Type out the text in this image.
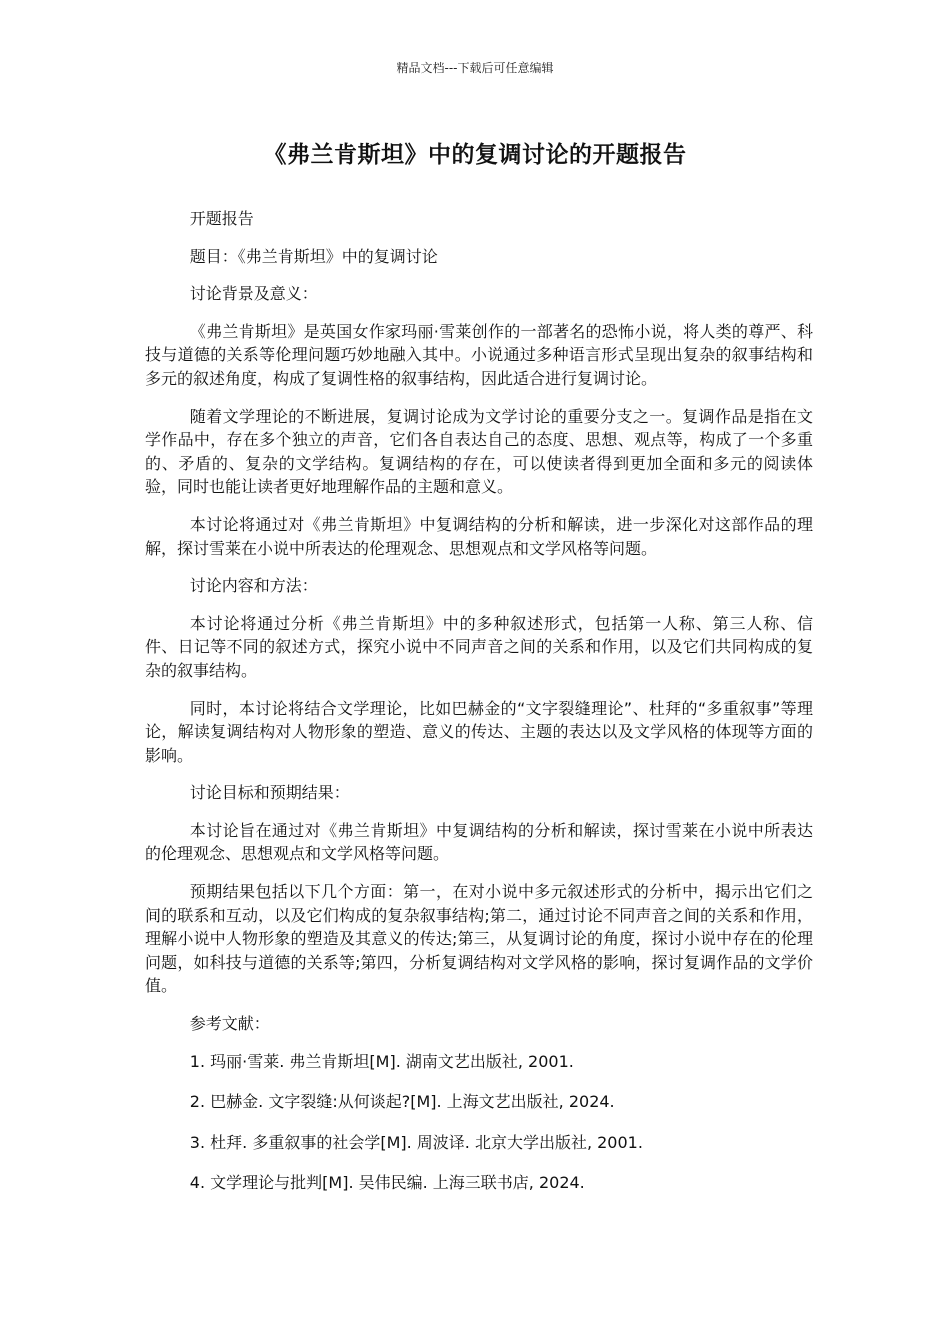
精品文档---下载后可任意编辑
《弗兰肯斯坦》中的复调讨论的开题报告

开题报告

题目：《弗兰肯斯坦》中的复调讨论

讨论背景及意义：

《弗兰肯斯坦》是英国女作家玛丽·雪莱创作的一部著名的恐怖小说，将人类的尊严、科技与道德的关系等伦理问题巧妙地融入其中。小说通过多种语言形式呈现出复杂的叙事结构和多元的叙述角度，构成了复调性格的叙事结构，因此适合进行复调讨论。

随着文学理论的不断进展，复调讨论成为文学讨论的重要分支之一。复调作品是指在文学作品中，存在多个独立的声音，它们各自表达自己的态度、思想、观点等，构成了一个多重的、矛盾的、复杂的文学结构。复调结构的存在，可以使读者得到更加全面和多元的阅读体验，同时也能让读者更好地理解作品的主题和意义。

本讨论将通过对《弗兰肯斯坦》中复调结构的分析和解读，进一步深化对这部作品的理解，探讨雪莱在小说中所表达的伦理观念、思想观点和文学风格等问题。

讨论内容和方法：

本讨论将通过分析《弗兰肯斯坦》中的多种叙述形式，包括第一人称、第三人称、信件、日记等不同的叙述方式，探究小说中不同声音之间的关系和作用，以及它们共同构成的复杂的叙事结构。

同时，本讨论将结合文学理论，比如巴赫金的“文字裂缝理论”、杜拜的“多重叙事”等理论，解读复调结构对人物形象的塑造、意义的传达、主题的表达以及文学风格的体现等方面的影响。

讨论目标和预期结果：

本讨论旨在通过对《弗兰肯斯坦》中复调结构的分析和解读，探讨雪莱在小说中所表达的伦理观念、思想观点和文学风格等问题。

预期结果包括以下几个方面：第一，在对小说中多元叙述形式的分析中，揭示出它们之间的联系和互动，以及它们构成的复杂叙事结构;第二，通过讨论不同声音之间的关系和作用，理解小说中人物形象的塑造及其意义的传达;第三，从复调讨论的角度，探讨小说中存在的伦理问题，如科技与道德的关系等;第四，分析复调结构对文学风格的影响，探讨复调作品的文学价值。

参考文献：

1. 玛丽·雪莱. 弗兰肯斯坦[M]. 湖南文艺出版社, 2001.

2. 巴赫金. 文字裂缝:从何谈起?[M]. 上海文艺出版社, 2024.

3. 杜拜. 多重叙事的社会学[M]. 周波译. 北京大学出版社, 2001.

4. 文学理论与批判[M]. 吴伟民编. 上海三联书店, 2024.
